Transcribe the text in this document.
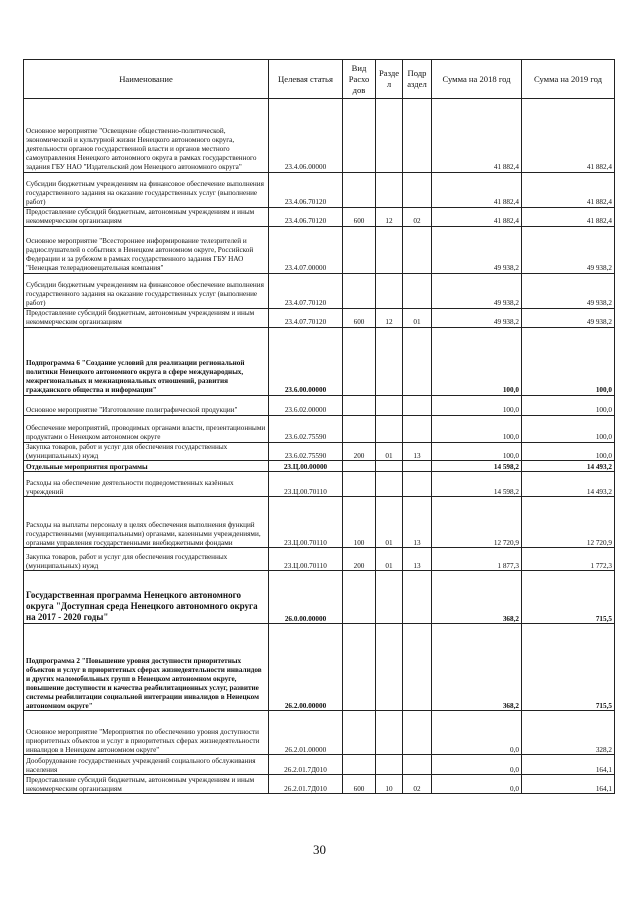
Наименование	Целевая статья	Вид Расхо дов	Разде л	Подр аздел	Сумма на 2018 год	Сумма на 2019 год
Основное мероприятие "Освещение общественно-политической, экономической и культурной жизни Ненецкого автономного округа, деятельности органов государственной власти и органов местного самоуправления Ненецкого автономного округа в рамках государственного задания ГБУ НАО "Издательский дом Ненецкого автономного округа"	23.4.06.00000				41 882,4	41 882,4
Субсидии бюджетным учреждениям на финансовое обеспечение выполнения государственного задания на оказание государственных услуг (выполнение работ)	23.4.06.70120				41 882,4	41 882,4
Предоставление субсидий бюджетным, автономным учреждениям и иным некоммерческим организациям	23.4.06.70120	600	12	02	41 882,4	41 882,4
Основное мероприятие "Всестороннее информирование телезрителей и радиослушателей о событиях в Ненецком автономном округе, Российской Федерации и за рубежом в рамках государственного задания ГБУ НАО "Ненецкая телерадиовещательная компания"	23.4.07.00000				49 938,2	49 938,2
Субсидии бюджетным учреждениям на финансовое обеспечение выполнения государственного задания на оказание государственных услуг (выполнение работ)	23.4.07.70120				49 938,2	49 938,2
Предоставление субсидий бюджетным, автономным учреждениям и иным некоммерческим организациям	23.4.07.70120	600	12	01	49 938,2	49 938,2
Подпрограмма 6 "Создание условий для реализации региональной политики Ненецкого автономного округа в сфере международных, межрегиональных и межнациональных отношений, развития гражданского общества и информации"	23.6.00.00000				100,0	100,0
Основное мероприятие "Изготовление полиграфической продукции"	23.6.02.00000				100,0	100,0
Обеспечение мероприятий, проводимых органами власти, презентационными продуктами о Ненецком автономном округе	23.6.02.75590				100,0	100,0
Закупка товаров, работ и услуг для обеспечения государственных (муниципальных) нужд	23.6.02.75590	200	01	13	100,0	100,0
Отдельные мероприятия программы	23.Ц.00.00000				14 598,2	14 493,2
Расходы на обеспечение деятельности подведомственных казённых учреждений	23.Ц.00.70110				14 598,2	14 493,2
Расходы на выплаты персоналу в целях обеспечения выполнения функций государственными (муниципальными) органами, казенными учреждениями, органами управления государственными внебюджетными фондами	23.Ц.00.70110	100	01	13	12 720,9	12 720,9
Закупка товаров, работ и услуг для обеспечения государственных (муниципальных) нужд	23.Ц.00.70110	200	01	13	1 877,3	1 772,3
Государственная программа Ненецкого автономного округа "Доступная среда Ненецкого автономного округа на 2017 - 2020 годы"	26.0.00.00000				368,2	715,5
Подпрограмма 2 "Повышение уровня доступности приоритетных объектов и услуг в приоритетных сферах жизнедеятельности инвалидов и других маломобильных групп в Ненецком автономном округе, повышение доступности и качества реабилитационных услуг, развитие системы реабилитации социальной интеграции инвалидов в Ненецком автономном округе"	26.2.00.00000				368,2	715,5
Основное мероприятие "Мероприятия по обеспечению уровня доступности приоритетных объектов и услуг в приоритетных сферах жизнедеятельности инвалидов в Ненецком автономном округе"	26.2.01.00000				0,0	328,2
Дооборудование государственных учреждений социального обслуживания населения	26.2.01.7Д010				0,0	164,1
Предоставление субсидий бюджетным, автономным учреждениям и иным некоммерческим организациям	26.2.01.7Д010	600	10	02	0,0	164,1
30
